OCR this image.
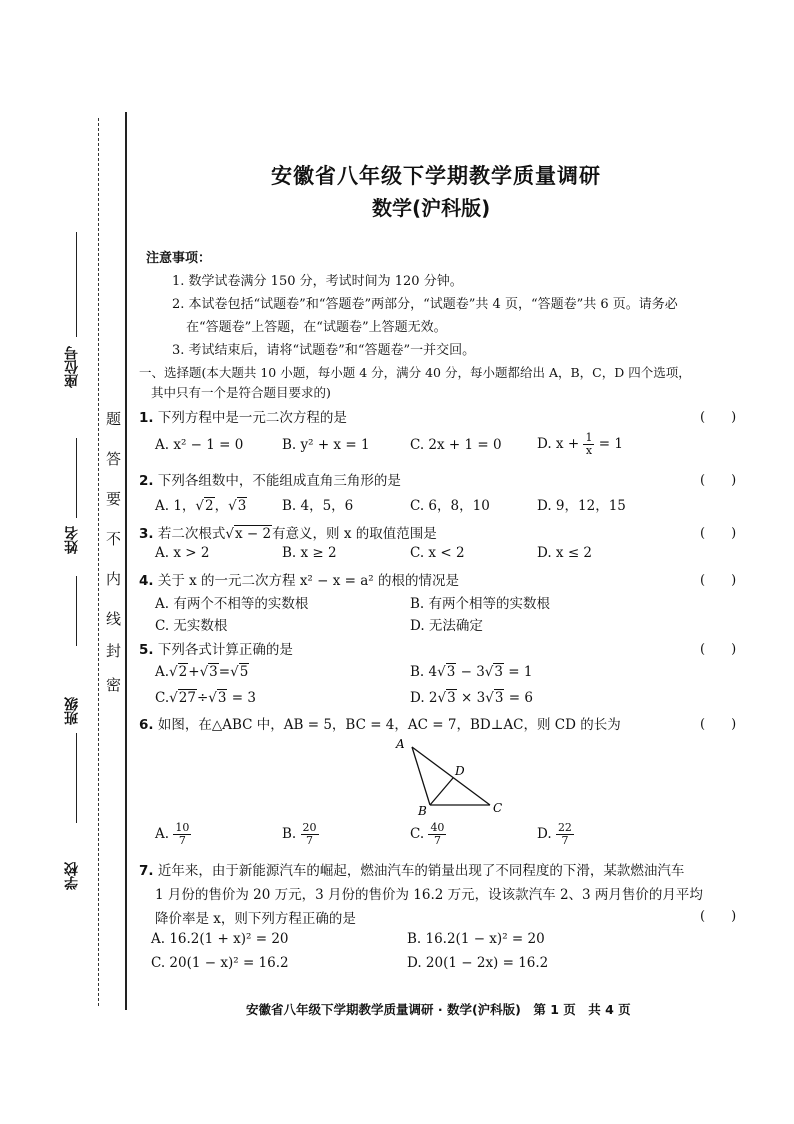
座位号
姓名
班级
学校
题
答
要
不
内
线
封
密
安徽省八年级下学期教学质量调研
数学(沪科版)
注意事项：
1. 数学试卷满分 150 分，考试时间为 120 分钟。
2. 本试卷包括“试题卷”和“答题卷”两部分，“试题卷”共 4 页，“答题卷”共 6 页。请务必
在“答题卷”上答题，在“试题卷”上答题无效。
3. 考试结束后，请将“试题卷”和“答题卷”一并交回。
一、选择题(本大题共 10 小题，每小题 4 分，满分 40 分，每小题都给出 A，B，C，D 四个选项，
其中只有一个是符合题目要求的)
1. 下列方程中是一元二次方程的是	(　　)
A. x² − 1 = 0	B. y² + x = 1	C. 2x + 1 = 0	D. $x + \frac{1}{x} = 1$
2. 下列各组数中，不能组成直角三角形的是	(　　)
A. 1，√2，√3	B. 4，5，6	C. 6，8，10	D. 9，12，15
3. 若二次根式√x − 2有意义，则 x 的取值范围是	(　　)
A. x > 2	B. x ≥ 2	C. x < 2	D. x ≤ 2
4. 关于 x 的一元二次方程 x² − x = a² 的根的情况是	(　　)
A. 有两个不相等的实数根	B. 有两个相等的实数根
C. 无实数根	D. 无法确定
5. 下列各式计算正确的是	(　　)
A.√2+√3=√5	B. 4√3 − 3√3 = 1
C.√27÷√3 = 3	D. 2√3 × 3√3 = 6
6. 如图，在△ABC 中，AB = 5，BC = 4，AC = 7，BD⊥AC，则 CD 的长为	(　　)
A
B	C
D
A. $\frac{10}{7}$	B. $\frac{20}{7}$	C. $\frac{40}{7}$	D. $\frac{22}{7}$
7. 近年来，由于新能源汽车的崛起，燃油汽车的销量出现了不同程度的下滑，某款燃油汽车
1 月份的售价为 20 万元，3 月份的售价为 16.2 万元，设该款汽车 2、3 两月售价的月平均
降价率是 x，则下列方程正确的是	(　　)
A. 16.2(1 + x)² = 20	B. 16.2(1 − x)² = 20
C. 20(1 − x)² = 16.2	D. 20(1 − 2x) = 16.2
安徽省八年级下学期教学质量调研 · 数学(沪科版)　第 1 页　共 4 页
